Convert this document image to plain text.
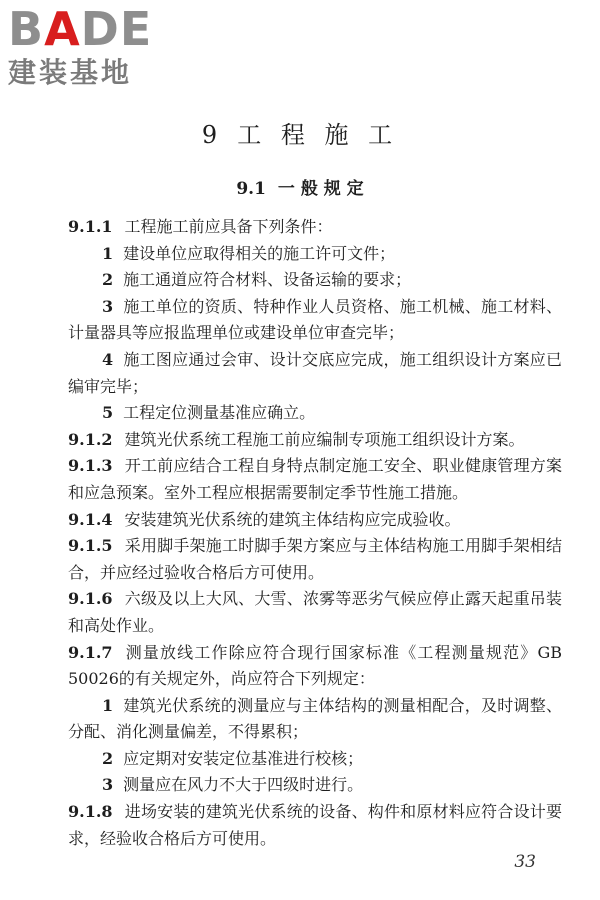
BADE
建装基地
9 工 程 施 工
9.1 一 般 规 定

9.1.1 工程施工前应具备下列条件：

1 建设单位应取得相关的施工许可文件；

2 施工通道应符合材料、设备运输的要求；

3 施工单位的资质、特种作业人员资格、施工机械、施工材料、计量器具等应报监理单位或建设单位审查完毕；

4 施工图应通过会审、设计交底应完成，施工组织设计方案应已编审完毕；

5 工程定位测量基准应确立。

9.1.2 建筑光伏系统工程施工前应编制专项施工组织设计方案。

9.1.3 开工前应结合工程自身特点制定施工安全、职业健康管理方案和应急预案。室外工程应根据需要制定季节性施工措施。

9.1.4 安装建筑光伏系统的建筑主体结构应完成验收。

9.1.5 采用脚手架施工时脚手架方案应与主体结构施工用脚手架相结合，并应经过验收合格后方可使用。

9.1.6 六级及以上大风、大雪、浓雾等恶劣气候应停止露天起重吊装和高处作业。

9.1.7 测量放线工作除应符合现行国家标准《工程测量规范》GB 50026的有关规定外，尚应符合下列规定：

1 建筑光伏系统的测量应与主体结构的测量相配合，及时调整、分配、消化测量偏差，不得累积；

2 应定期对安装定位基准进行校核；

3 测量应在风力不大于四级时进行。

9.1.8 进场安装的建筑光伏系统的设备、构件和原材料应符合设计要求，经验收合格后方可使用。

33
